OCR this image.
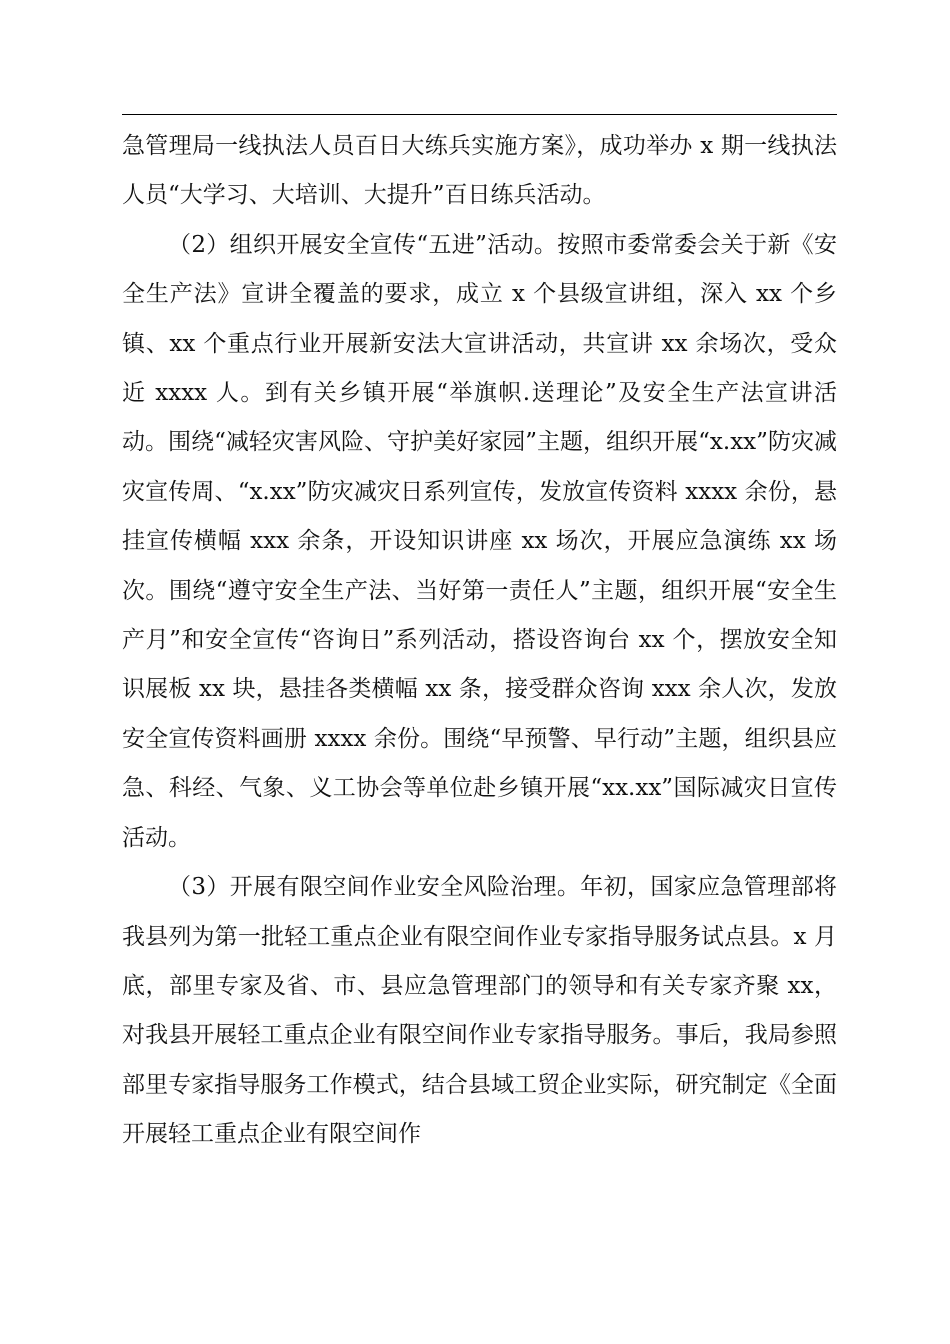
急管理局一线执法人员百日大练兵实施方案》，成功举办 x 期一线执法人员“大学习、大培训、大提升”百日练兵活动。

（2）组织开展安全宣传“五进”活动。按照市委常委会关于新《安全生产法》宣讲全覆盖的要求，成立 x 个县级宣讲组，深入 xx 个乡镇、xx 个重点行业开展新安法大宣讲活动，共宣讲 xx 余场次，受众近 xxxx 人。到有关乡镇开展“举旗帜.送理论”及安全生产法宣讲活动。围绕“减轻灾害风险、守护美好家园”主题，组织开展“x.xx”防灾减灾宣传周、“x.xx”防灾减灾日系列宣传，发放宣传资料 xxxx 余份，悬挂宣传横幅 xxx 余条，开设知识讲座 xx 场次，开展应急演练 xx 场次。围绕“遵守安全生产法、当好第一责任人”主题，组织开展“安全生产月”和安全宣传“咨询日”系列活动，搭设咨询台 xx 个，摆放安全知识展板 xx 块，悬挂各类横幅 xx 条，接受群众咨询 xxx 余人次，发放安全宣传资料画册 xxxx 余份。围绕“早预警、早行动”主题，组织县应急、科经、气象、义工协会等单位赴乡镇开展“xx.xx”国际减灾日宣传活动。

（3）开展有限空间作业安全风险治理。年初，国家应急管理部将我县列为第一批轻工重点企业有限空间作业专家指导服务试点县。x 月底，部里专家及省、市、县应急管理部门的领导和有关专家齐聚 xx，对我县开展轻工重点企业有限空间作业专家指导服务。事后，我局参照部里专家指导服务工作模式，结合县域工贸企业实际，研究制定《全面开展轻工重点企业有限空间作
